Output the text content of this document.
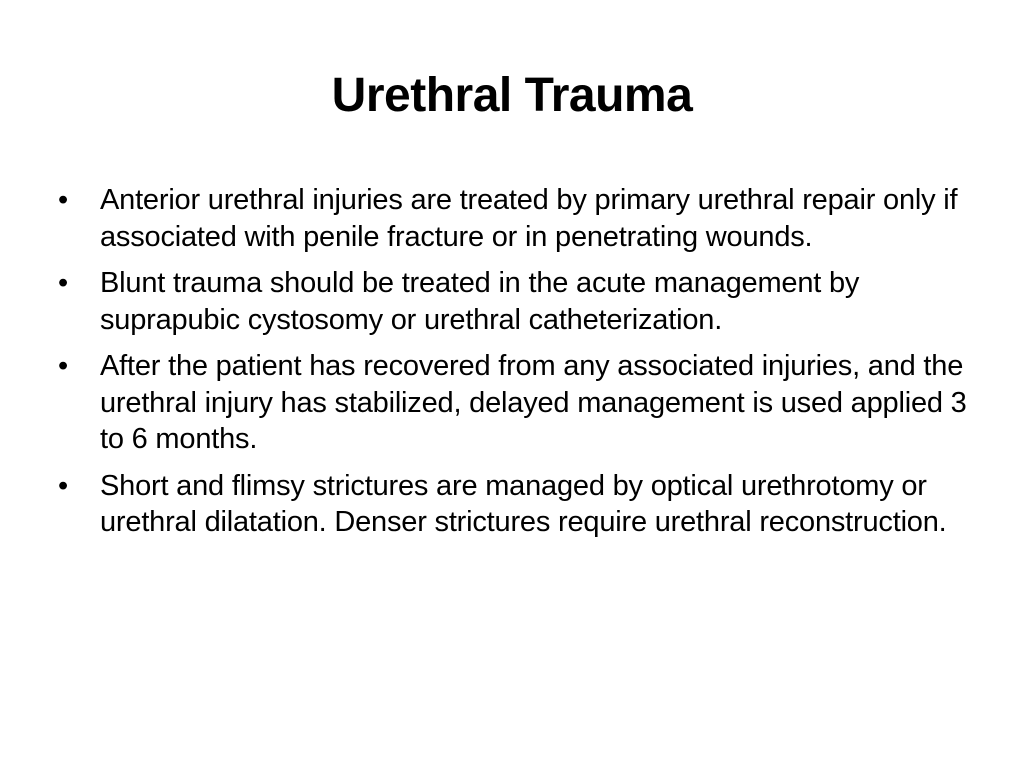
Urethral Trauma
•	Anterior urethral injuries are treated by primary urethral repair only if associated with penile fracture or in penetrating wounds.
•	Blunt trauma should be treated in the acute management by suprapubic cystosomy or urethral catheterization.
•	After the patient has recovered from any associated injuries, and the urethral injury has stabilized, delayed management is used applied 3 to 6 months.
•	Short and flimsy strictures are managed by optical urethrotomy or urethral dilatation. Denser strictures require urethral reconstruction.
